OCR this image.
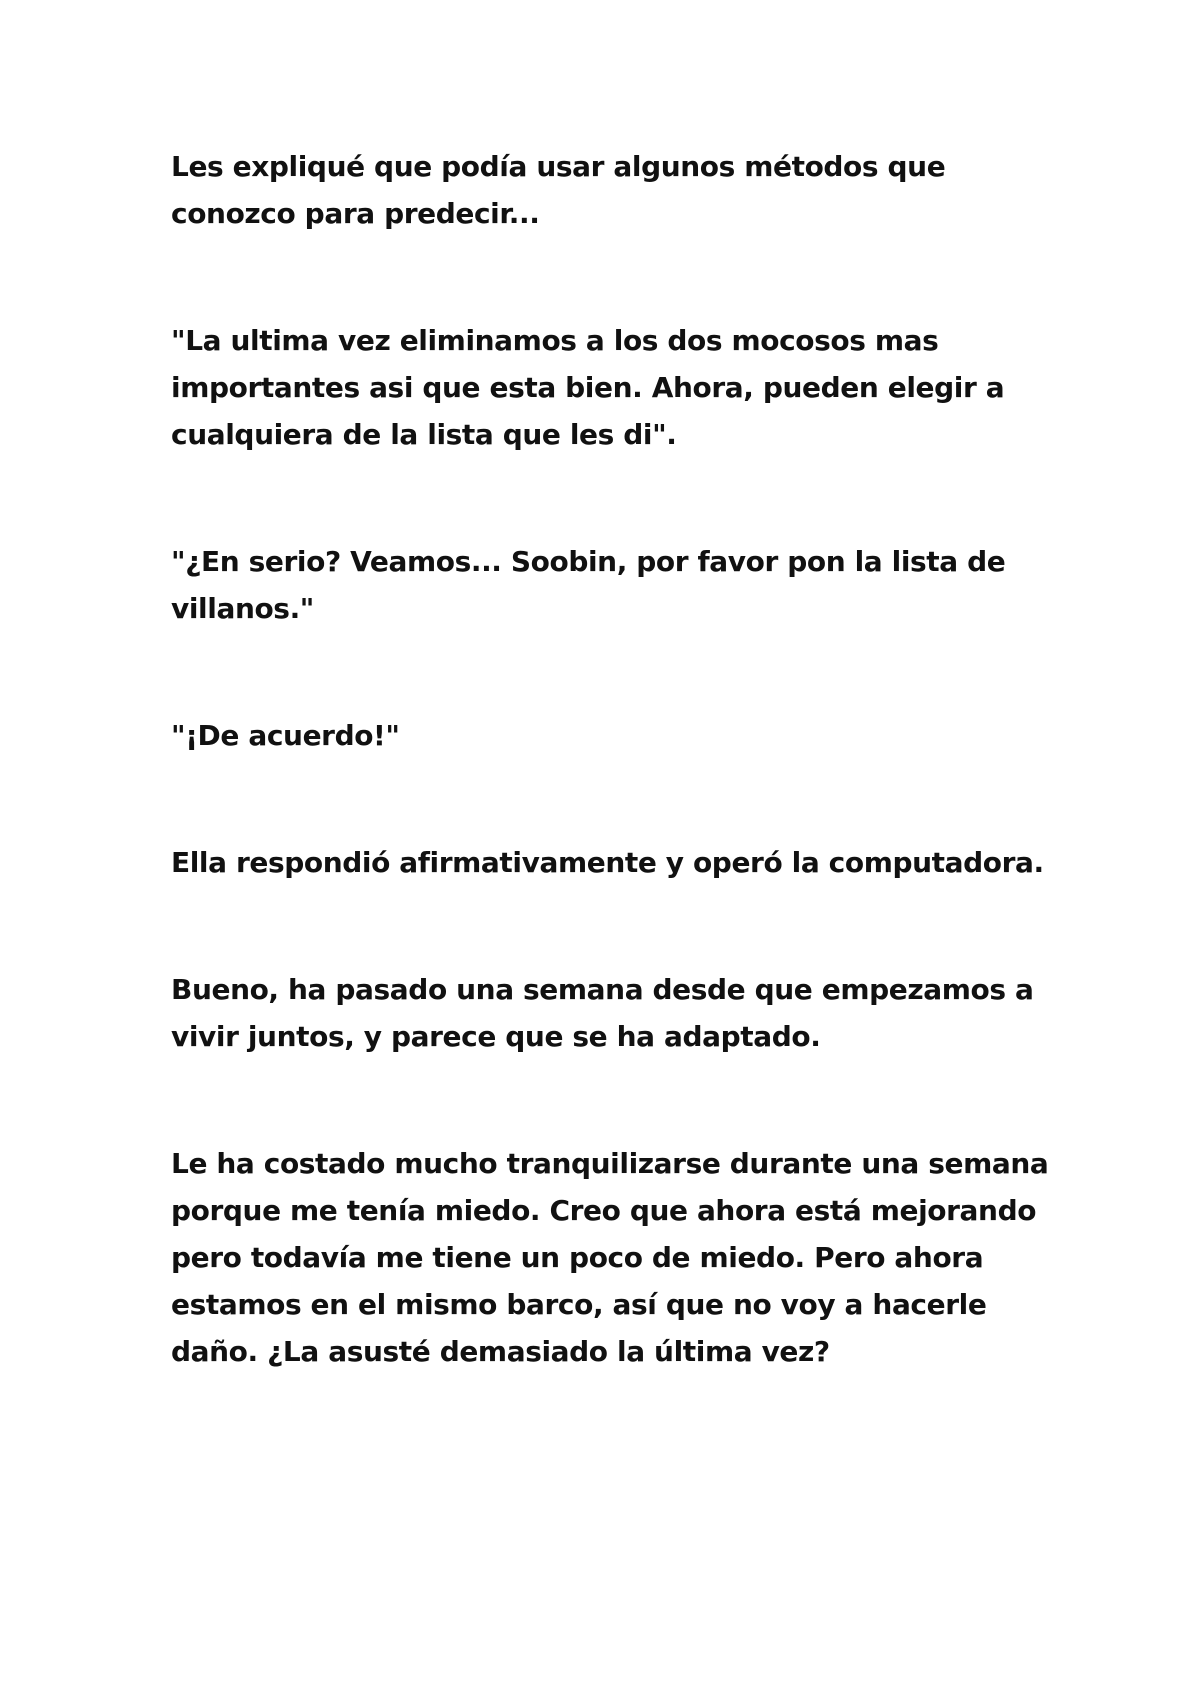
Les expliqué que podía usar algunos métodos que
conozco para predecir...

"La ultima vez eliminamos a los dos mocosos mas
importantes asi que esta bien. Ahora, pueden elegir a
cualquiera de la lista que les di".

"¿En serio? Veamos... Soobin, por favor pon la lista de
villanos."

"¡De acuerdo!"

Ella respondió afirmativamente y operó la computadora.

Bueno, ha pasado una semana desde que empezamos a
vivir juntos, y parece que se ha adaptado.

Le ha costado mucho tranquilizarse durante una semana
porque me tenía miedo. Creo que ahora está mejorando
pero todavía me tiene un poco de miedo. Pero ahora
estamos en el mismo barco, así que no voy a hacerle
daño. ¿La asusté demasiado la última vez?
